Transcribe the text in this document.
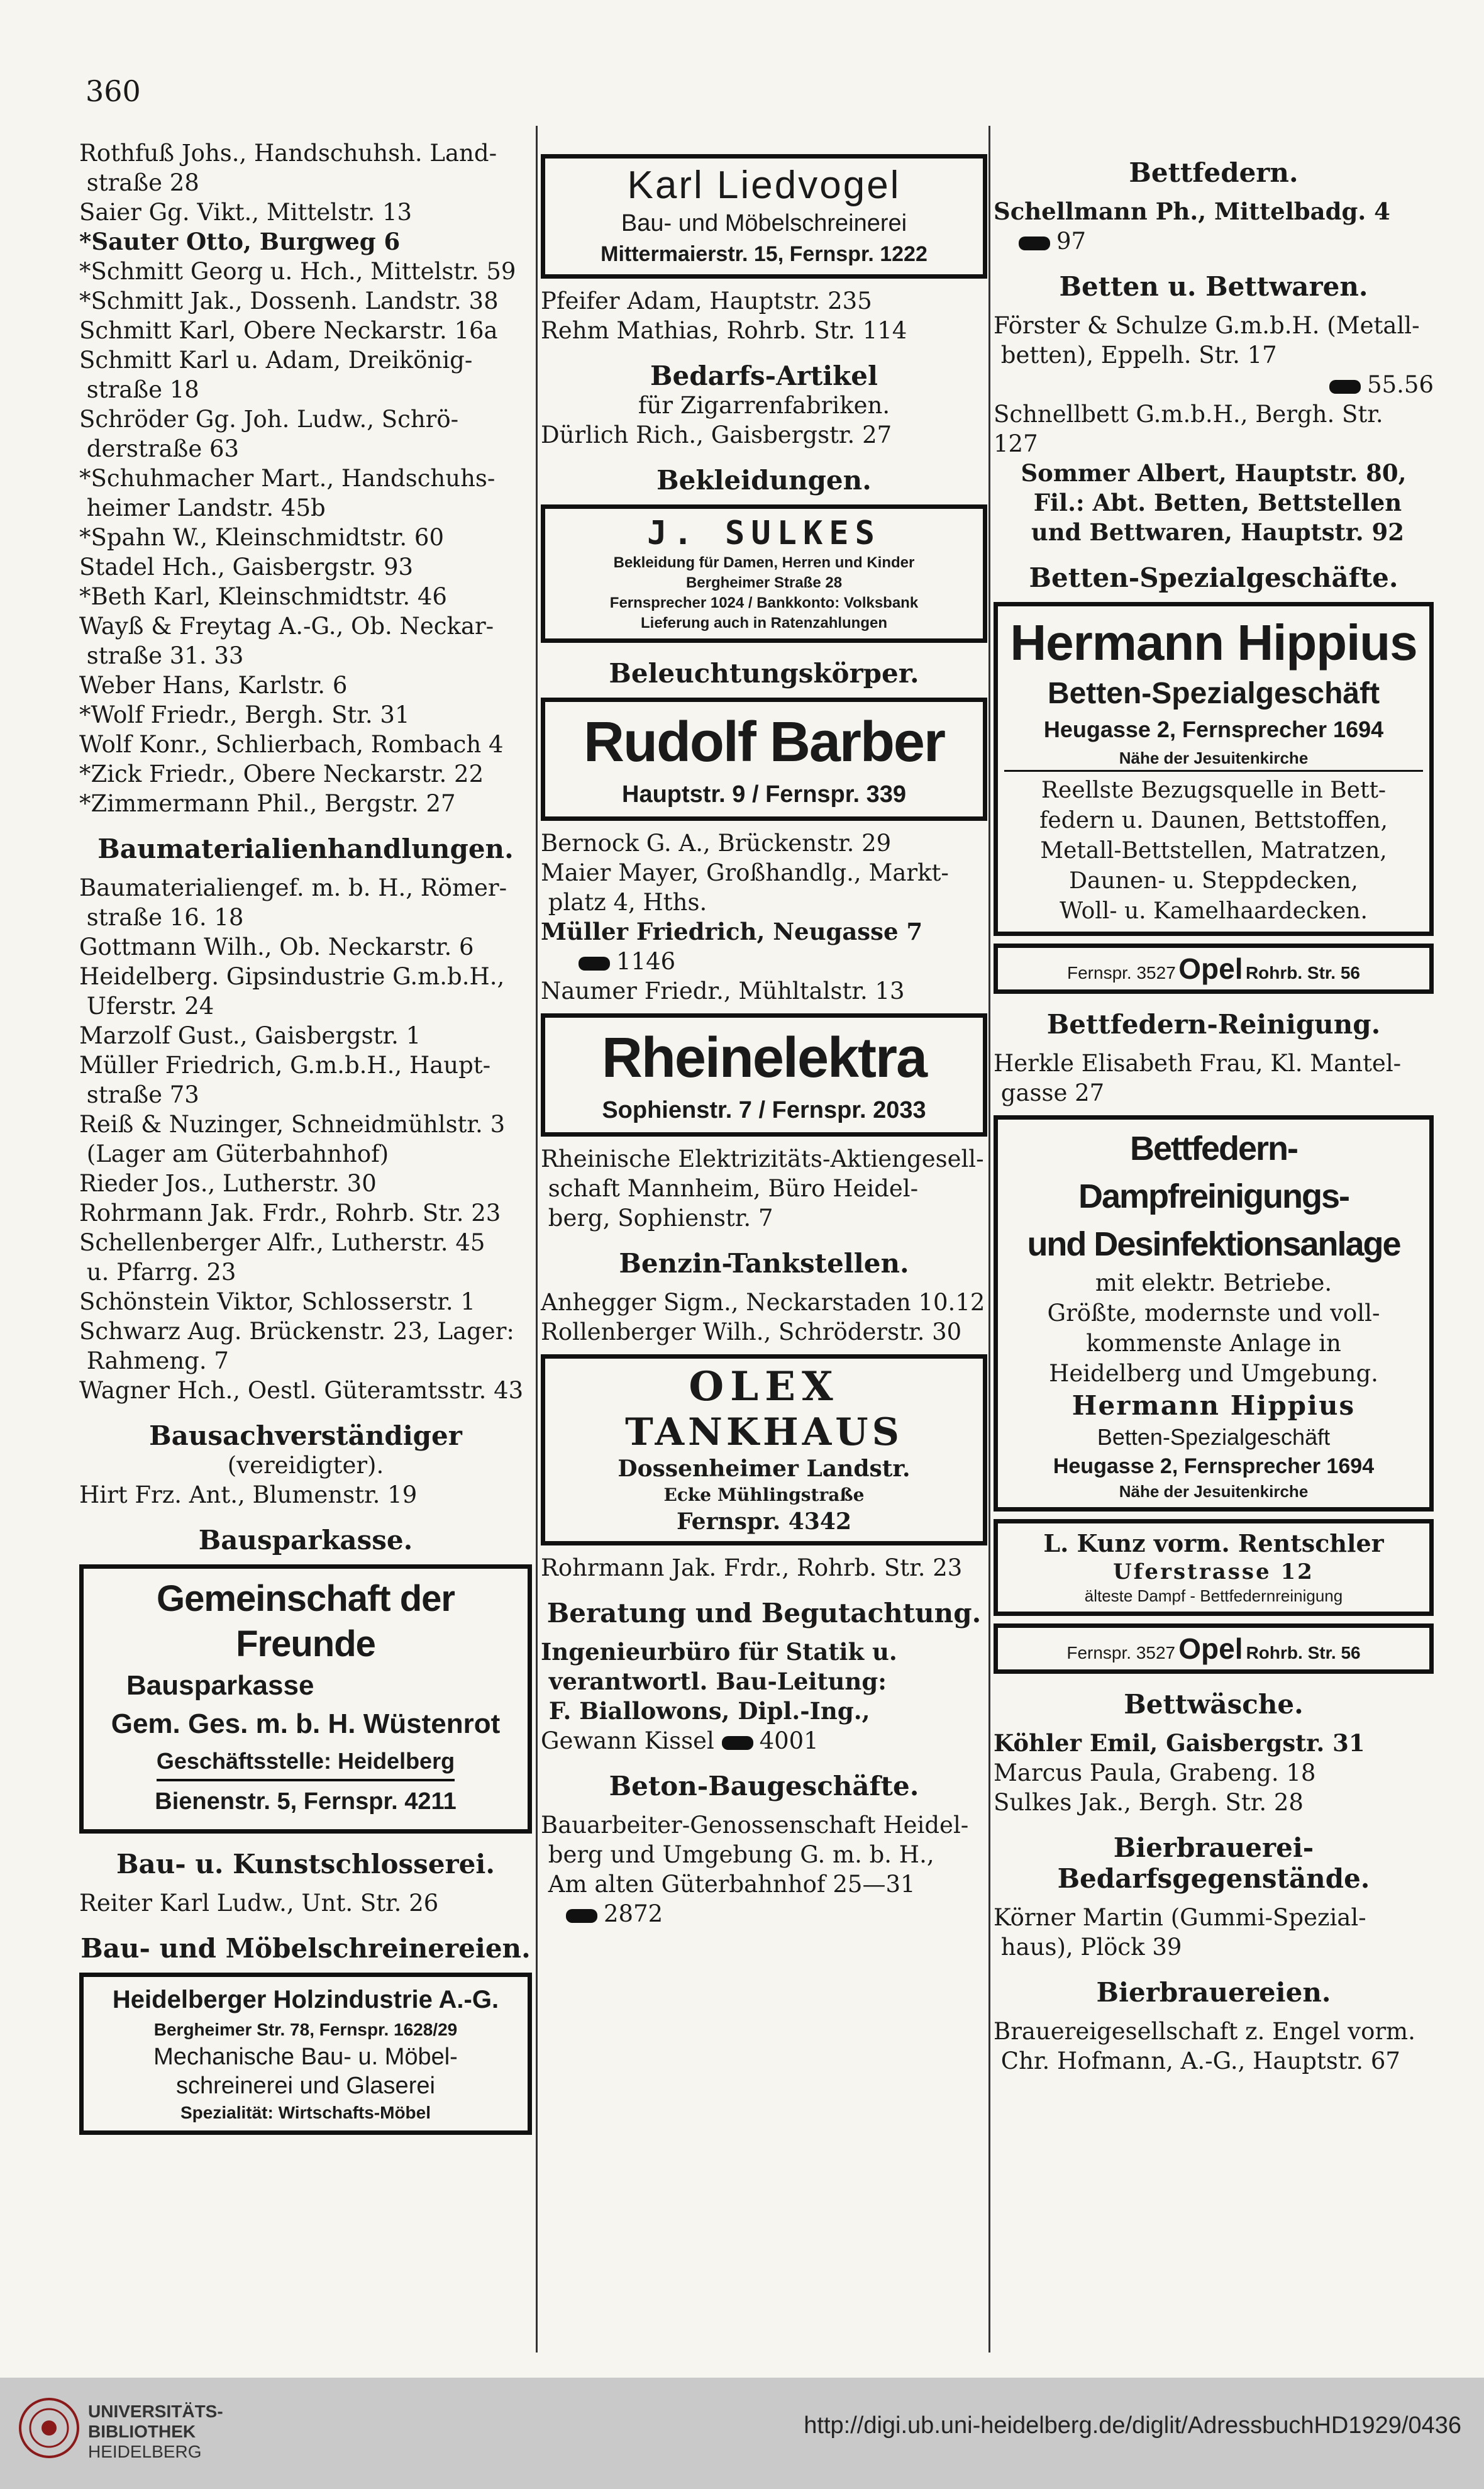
360
Rothfuß Johs., Handschuhsh. Land-
straße 28
Saier Gg. Vikt., Mittelstr. 13
*Sauter Otto, Burgweg 6
*Schmitt Georg u. Hch., Mittelstr. 59
*Schmitt Jak., Dossenh. Landstr. 38
Schmitt Karl, Obere Neckarstr. 16a
Schmitt Karl u. Adam, Dreikönig-
straße 18
Schröder Gg. Joh. Ludw., Schrö-
derstraße 63
*Schuhmacher Mart., Handschuhs-
heimer Landstr. 45b
*Spahn W., Kleinschmidtstr. 60
Stadel Hch., Gaisbergstr. 93
*Beth Karl, Kleinschmidtstr. 46
Wayß & Freytag A.-G., Ob. Neckar-
straße 31. 33
Weber Hans, Karlstr. 6
*Wolf Friedr., Bergh. Str. 31
Wolf Konr., Schlierbach, Rombach 4
*Zick Friedr., Obere Neckarstr. 22
*Zimmermann Phil., Bergstr. 27
Baumaterialienhandlungen.
Baumaterialiengef. m. b. H., Römer-
straße 16. 18
Gottmann Wilh., Ob. Neckarstr. 6
Heidelberg. Gipsindustrie G.m.b.H.,
Uferstr. 24
Marzolf Gust., Gaisbergstr. 1
Müller Friedrich, G.m.b.H., Haupt-
straße 73
Reiß & Nuzinger, Schneidmühlstr. 3
(Lager am Güterbahnhof)
Rieder Jos., Lutherstr. 30
Rohrmann Jak. Frdr., Rohrb. Str. 23
Schellenberger Alfr., Lutherstr. 45
u. Pfarrg. 23
Schönstein Viktor, Schlosserstr. 1
Schwarz Aug. Brückenstr. 23, Lager:
Rahmeng. 7
Wagner Hch., Oestl. Güteramtsstr. 43
Bausachverständiger
(vereidigter).
Hirt Frz. Ant., Blumenstr. 19
Bausparkasse.
Gemeinschaft der Freunde
Bausparkasse
Gem. Ges. m. b. H. Wüstenrot
Geschäftsstelle: Heidelberg
Bienenstr. 5, Fernspr. 4211
Bau- u. Kunstschlosserei.
Reiter Karl Ludw., Unt. Str. 26
Bau- und Möbelschreinereien.
Heidelberger Holzindustrie A.-G.
Bergheimer Str. 78, Fernspr. 1628/29
Mechanische Bau- u. Möbel-
schreinerei und Glaserei
Spezialität: Wirtschafts-Möbel
Karl Liedvogel
Bau- und Möbelschreinerei
Mittermaierstr. 15, Fernspr. 1222
Pfeifer Adam, Hauptstr. 235
Rehm Mathias, Rohrb. Str. 114
Bedarfs-Artikel
für Zigarrenfabriken.
Dürlich Rich., Gaisbergstr. 27
Bekleidungen.
J. SULKES
Bekleidung für Damen, Herren und Kinder
Bergheimer Straße 28
Fernsprecher 1024 / Bankkonto: Volksbank
Lieferung auch in Ratenzahlungen
Beleuchtungskörper.
Rudolf Barber
Hauptstr. 9 / Fernspr. 339
Bernock G. A., Brückenstr. 29
Maier Mayer, Großhandlg., Markt-
platz 4, Hths.
Müller Friedrich, Neugasse 7
1146
Naumer Friedr., Mühltalstr. 13
Rheinelektra
Sophienstr. 7 / Fernspr. 2033
Rheinische Elektrizitäts-Aktiengesell-
schaft Mannheim, Büro Heidel-
berg, Sophienstr. 7
Benzin-Tankstellen.
Anhegger Sigm., Neckarstaden 10.12
Rollenberger Wilh., Schröderstr. 30
OLEX
TANKHAUS
Dossenheimer Landstr.
Ecke Mühlingstraße
Fernspr. 4342
Rohrmann Jak. Frdr., Rohrb. Str. 23
Beratung und Begutachtung.
Ingenieurbüro für Statik u.
verantwortl. Bau-Leitung:
F. Biallowons, Dipl.-Ing.,
Gewann Kissel 4001
Beton-Baugeschäfte.
Bauarbeiter-Genossenschaft Heidel-
berg und Umgebung G. m. b. H.,
Am alten Güterbahnhof 25—31
2872
Bettfedern.
Schellmann Ph., Mittelbadg. 4
97
Betten u. Bettwaren.
Förster & Schulze G.m.b.H. (Metall-
betten), Eppelh. Str. 17
55.56
Schnellbett G.m.b.H., Bergh. Str. 127
Sommer Albert, Hauptstr. 80,
Fil.: Abt. Betten, Bettstellen
und Bettwaren, Hauptstr. 92
Betten-Spezialgeschäfte.
Hermann Hippius
Betten-Spezialgeschäft
Heugasse 2, Fernsprecher 1694
Nähe der Jesuitenkirche
Reellste Bezugsquelle in Bett-
federn u. Daunen, Bettstoffen,
Metall-Bettstellen, Matratzen,
Daunen- u. Steppdecken,
Woll- u. Kamelhaardecken.
Fernspr. 3527 Opel Rohrb. Str. 56
Bettfedern-Reinigung.
Herkle Elisabeth Frau, Kl. Mantel-
gasse 27
Bettfedern-Dampfreinigungs-
und Desinfektionsanlage
mit elektr. Betriebe.
Größte, modernste und voll-
kommenste Anlage in
Heidelberg und Umgebung.
Hermann Hippius
Betten-Spezialgeschäft
Heugasse 2, Fernsprecher 1694
Nähe der Jesuitenkirche
L. Kunz vorm. Rentschler
Uferstrasse 12
älteste Dampf - Bettfedernreinigung
Fernspr. 3527 Opel Rohrb. Str. 56
Bettwäsche.
Köhler Emil, Gaisbergstr. 31
Marcus Paula, Grabeng. 18
Sulkes Jak., Bergh. Str. 28
Bierbrauerei-
Bedarfsgegenstände.
Körner Martin (Gummi-Spezial-
haus), Plöck 39
Bierbrauereien.
Brauereigesellschaft z. Engel vorm.
Chr. Hofmann, A.-G., Hauptstr. 67
UNIVERSITÄTS-
BIBLIOTHEK
HEIDELBERG
http://digi.ub.uni-heidelberg.de/diglit/AdressbuchHD1929/0436
